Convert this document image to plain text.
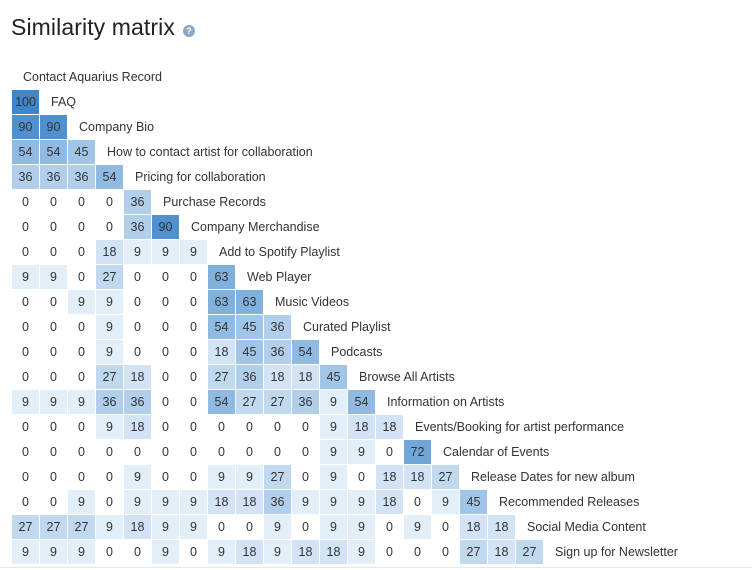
Similarity matrix	?
Contact Aquarius Record
100	FAQ
90	90	Company Bio
54	54	45	How to contact artist for collaboration
36	36	36	54	Pricing for collaboration
0	0	0	0	36	Purchase Records
0	0	0	0	36	90	Company Merchandise
0	0	0	18	9	9	9	Add to Spotify Playlist
9	9	0	27	0	0	0	63	Web Player
0	0	9	9	0	0	0	63	63	Music Videos
0	0	0	9	0	0	0	54	45	36	Curated Playlist
0	0	0	9	0	0	0	18	45	36	54	Podcasts
0	0	0	27	18	0	0	27	36	18	18	45	Browse All Artists
9	9	9	36	36	0	0	54	27	27	36	9	54	Information on Artists
0	0	0	9	18	0	0	0	0	0	0	9	18	18	Events/Booking for artist performance
0	0	0	0	0	0	0	0	0	0	0	9	9	0	72	Calendar of Events
0	0	0	0	9	0	0	9	9	27	0	9	0	18	18	27	Release Dates for new album
0	0	9	0	9	9	9	18	18	36	9	9	9	18	0	9	45	Recommended Releases
27	27	27	9	18	9	9	0	0	9	0	9	9	0	9	0	18	18	Social Media Content
9	9	9	0	0	9	0	9	18	9	18	18	9	0	0	0	27	18	27	Sign up for Newsletter
